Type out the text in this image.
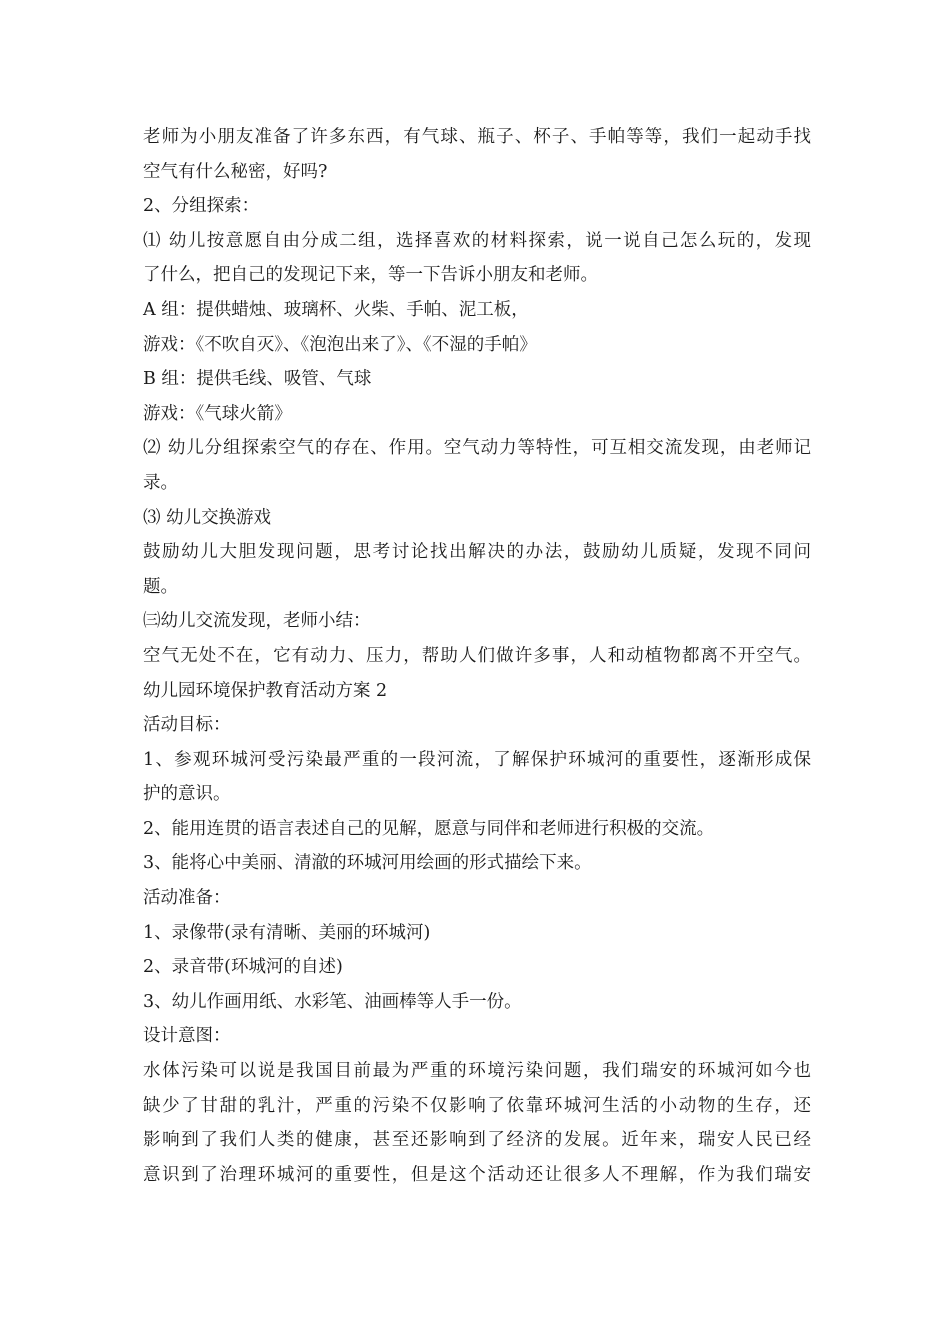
老师为小朋友准备了许多东西，有气球、瓶子、杯子、手帕等等，我们一起动手找
空气有什么秘密，好吗?
2、分组探索：
⑴ 幼儿按意愿自由分成二组，选择喜欢的材料探索，说一说自己怎么玩的，发现
了什么，把自己的发现记下来，等一下告诉小朋友和老师。
A 组：提供蜡烛、玻璃杯、火柴、手帕、泥工板，
游戏：《不吹自灭》、《泡泡出来了》、《不湿的手帕》
B 组：提供毛线、吸管、气球
游戏：《气球火箭》
⑵ 幼儿分组探索空气的存在、作用。空气动力等特性，可互相交流发现，由老师记
录。
⑶ 幼儿交换游戏
鼓励幼儿大胆发现问题，思考讨论找出解决的办法，鼓励幼儿质疑，发现不同问
题。
㈢幼儿交流发现，老师小结：
空气无处不在，它有动力、压力，帮助人们做许多事，人和动植物都离不开空气。
幼儿园环境保护教育活动方案 2
活动目标：
1、参观环城河受污染最严重的一段河流，了解保护环城河的重要性，逐渐形成保
护的意识。
2、能用连贯的语言表述自己的见解，愿意与同伴和老师进行积极的交流。
3、能将心中美丽、清澈的环城河用绘画的形式描绘下来。
活动准备：
1、录像带(录有清晰、美丽的环城河)
2、录音带(环城河的自述)
3、幼儿作画用纸、水彩笔、油画棒等人手一份。
设计意图：
水体污染可以说是我国目前最为严重的环境污染问题，我们瑞安的环城河如今也
缺少了甘甜的乳汁，严重的污染不仅影响了依靠环城河生活的小动物的生存，还
影响到了我们人类的健康，甚至还影响到了经济的发展。近年来，瑞安人民已经
意识到了治理环城河的重要性，但是这个活动还让很多人不理解，作为我们瑞安
